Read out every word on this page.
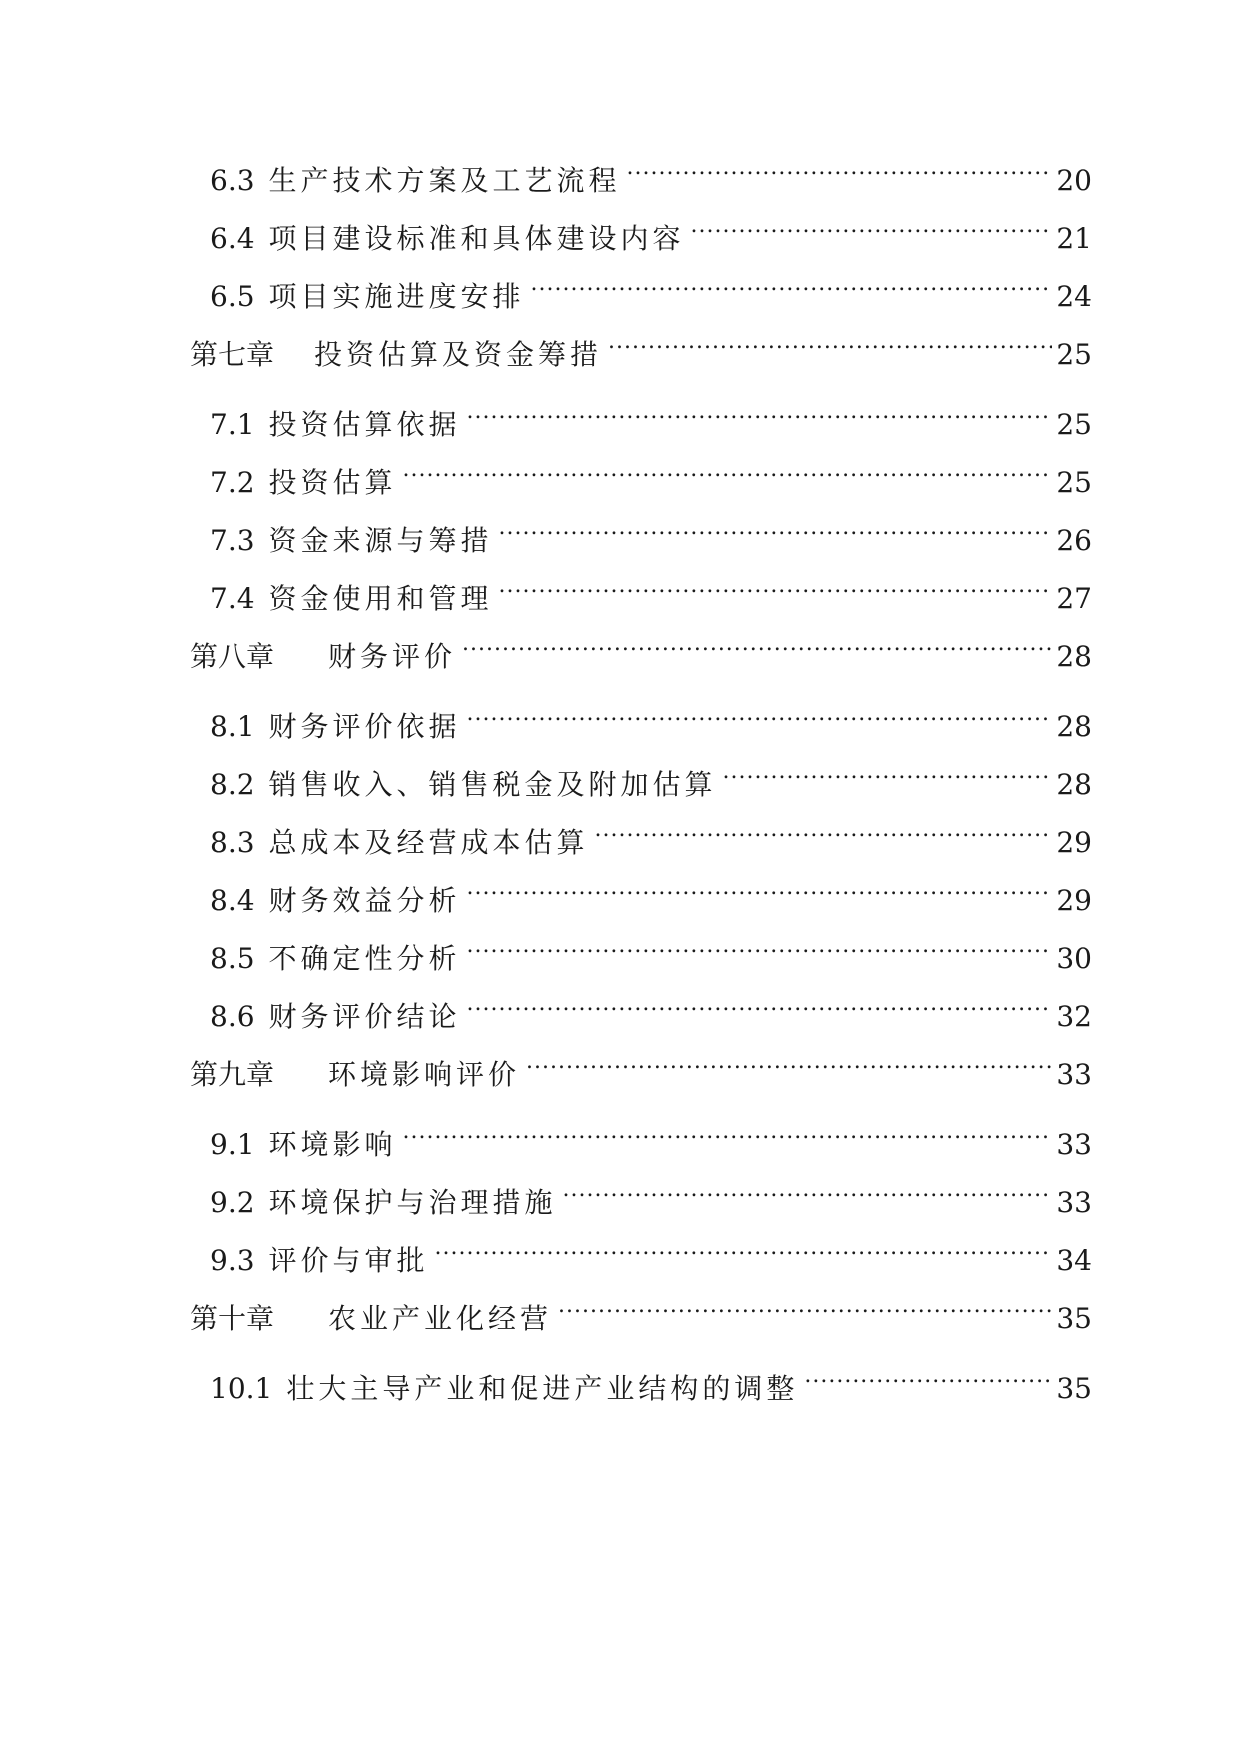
6.3 生产技术方案及工艺流程 .....	20
6.4 项目建设标准和具体建设内容 .....	21
6.5 项目实施进度安排 .....	24
第七章 投资估算及资金筹措 .....	25
7.1 投资估算依据 .....	25
7.2 投资估算 .....	25
7.3 资金来源与筹措 .....	26
7.4 资金使用和管理 .....	27
第八章 财务评价 .....	28
8.1 财务评价依据 .....	28
8.2 销售收入、销售税金及附加估算 .....	28
8.3 总成本及经营成本估算 .....	29
8.4 财务效益分析 .....	29
8.5 不确定性分析 .....	30
8.6 财务评价结论 .....	32
第九章 环境影响评价 .....	33
9.1 环境影响 .....	33
9.2 环境保护与治理措施 .....	33
9.3 评价与审批 .....	34
第十章 农业产业化经营 .....	35
10.1 壮大主导产业和促进产业结构的调整 .....	35
